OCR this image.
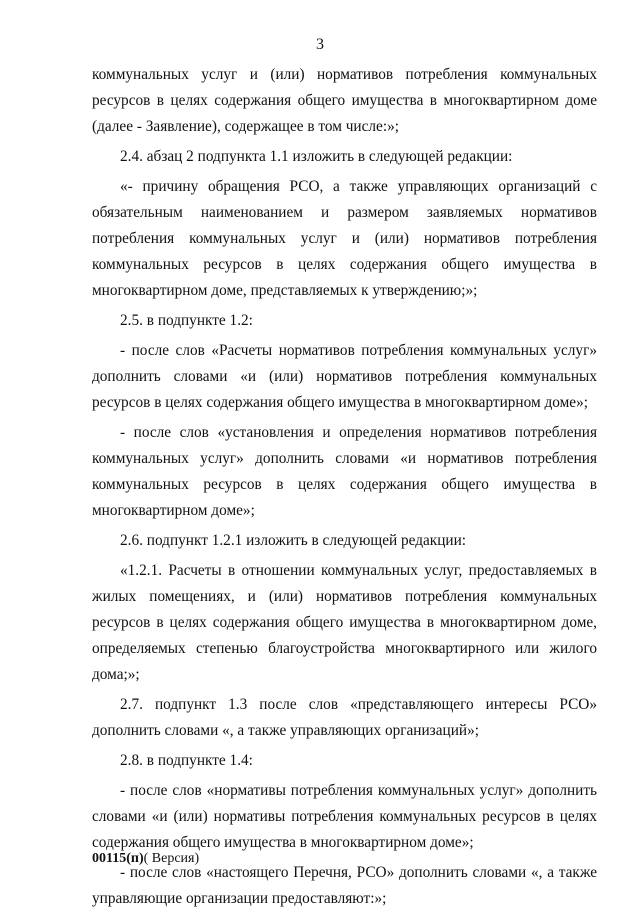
3

коммунальных услуг и (или) нормативов потребления коммунальных ресурсов в целях содержания общего имущества в многоквартирном доме (далее - Заявление), содержащее в том числе:»;

2.4. абзац 2 подпункта 1.1 изложить в следующей редакции:

«- причину обращения РСО, а также управляющих организаций с обязательным наименованием и размером заявляемых нормативов потребления коммунальных услуг и (или) нормативов потребления коммунальных ресурсов в целях содержания общего имущества в многоквартирном доме, представляемых к утверждению;»;

2.5. в подпункте 1.2:

- после слов «Расчеты нормативов потребления коммунальных услуг» дополнить словами «и (или) нормативов потребления коммунальных ресурсов в целях содержания общего имущества в многоквартирном доме»;

- после слов «установления и определения нормативов потребления коммунальных услуг» дополнить словами «и нормативов потребления коммунальных ресурсов в целях содержания общего имущества в многоквартирном доме»;

2.6. подпункт 1.2.1 изложить в следующей редакции:

«1.2.1. Расчеты в отношении коммунальных услуг, предоставляемых в жилых помещениях, и (или) нормативов потребления коммунальных ресурсов в целях содержания общего имущества в многоквартирном доме, определяемых степенью благоустройства многоквартирного или жилого дома;»;

2.7. подпункт 1.3 после слов «представляющего интересы РСО» дополнить словами «, а также управляющих организаций»;

2.8. в подпункте 1.4:

- после слов «нормативы потребления коммунальных услуг» дополнить словами «и (или) нормативы потребления коммунальных ресурсов в целях содержания общего имущества в многоквартирном доме»;

- после слов «настоящего Перечня, РСО» дополнить словами «, а также управляющие организации предоставляют:»;

00115(п)( Версия)
